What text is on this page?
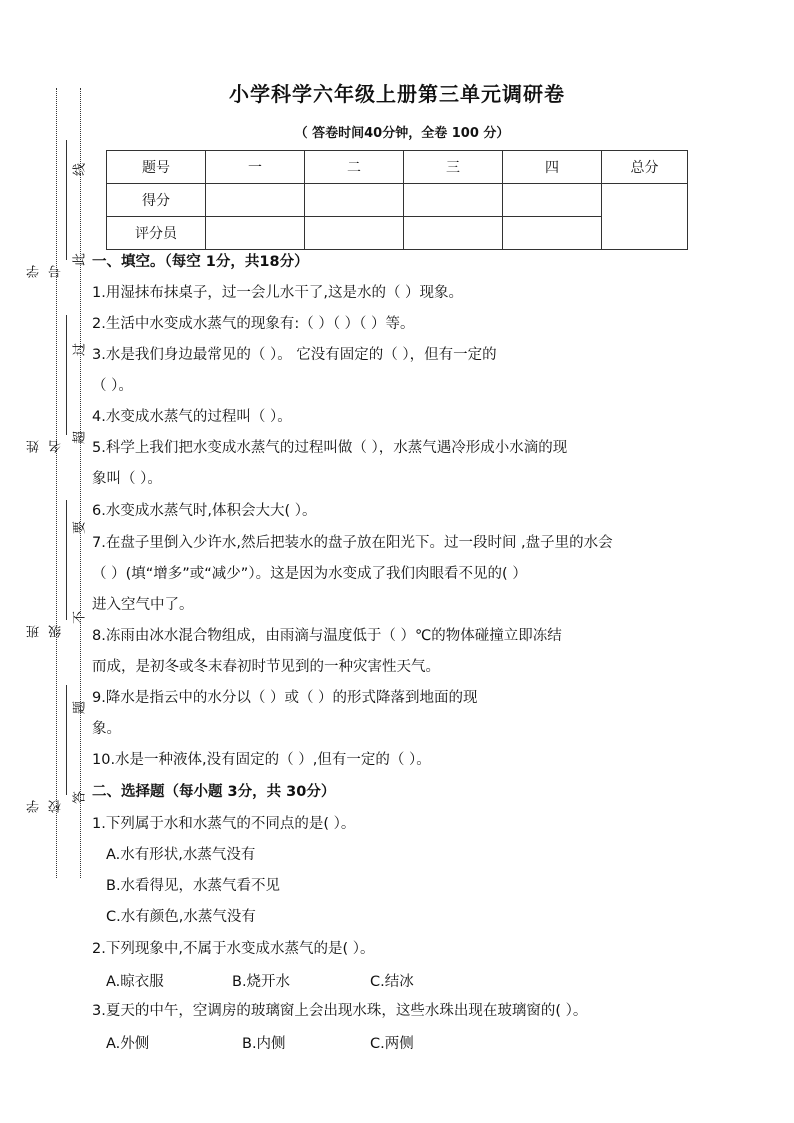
学号
姓名
班级
学校
线
此
过
超
要
不
题
答
小学科学六年级上册第三单元调研卷
（ 答卷时间40分钟，全卷 100 分）
题号	一	二	三	四	总分
得分					
评分员					
一、填空。（每空 1分，共18分）
1.用湿抹布抹桌子，过一会儿水干了,这是水的（ ）现象。
2.生活中水变成水蒸气的现象有:（ ）（ ）（ ）等。
3.水是我们身边最常见的（ ）。 它没有固定的（ ），但有一定的
（ ）。
4.水变成水蒸气的过程叫（ ）。
5.科学上我们把水变成水蒸气的过程叫做（ ），水蒸气遇冷形成小水滴的现
象叫（ ）。
6.水变成水蒸气时,体积会大大( ）。
7.在盘子里倒入少许水,然后把装水的盘子放在阳光下。过一段时间 ,盘子里的水会
（ ）(填“增多”或“减少”）。这是因为水变成了我们肉眼看不见的( ）
进入空气中了。
8.冻雨由冰水混合物组成，由雨滴与温度低于（ ）℃的物体碰撞立即冻结
而成，是初冬或冬末春初时节见到的一种灾害性天气。
9.降水是指云中的水分以（ ）或（ ）的形式降落到地面的现
象。
10.水是一种液体,没有固定的（ ）,但有一定的（ ）。
二、选择题（每小题 3分，共 30分）
1.下列属于水和水蒸气的不同点的是( ）。
A.水有形状,水蒸气没有
B.水看得见，水蒸气看不见
C.水有颜色,水蒸气没有
2.下列现象中,不属于水变成水蒸气的是( ）。
A.晾衣服	B.烧开水	C.结冰
3.夏天的中午，空调房的玻璃窗上会出现水珠，这些水珠出现在玻璃窗的( ）。
A.外侧	B.内侧	C.两侧
